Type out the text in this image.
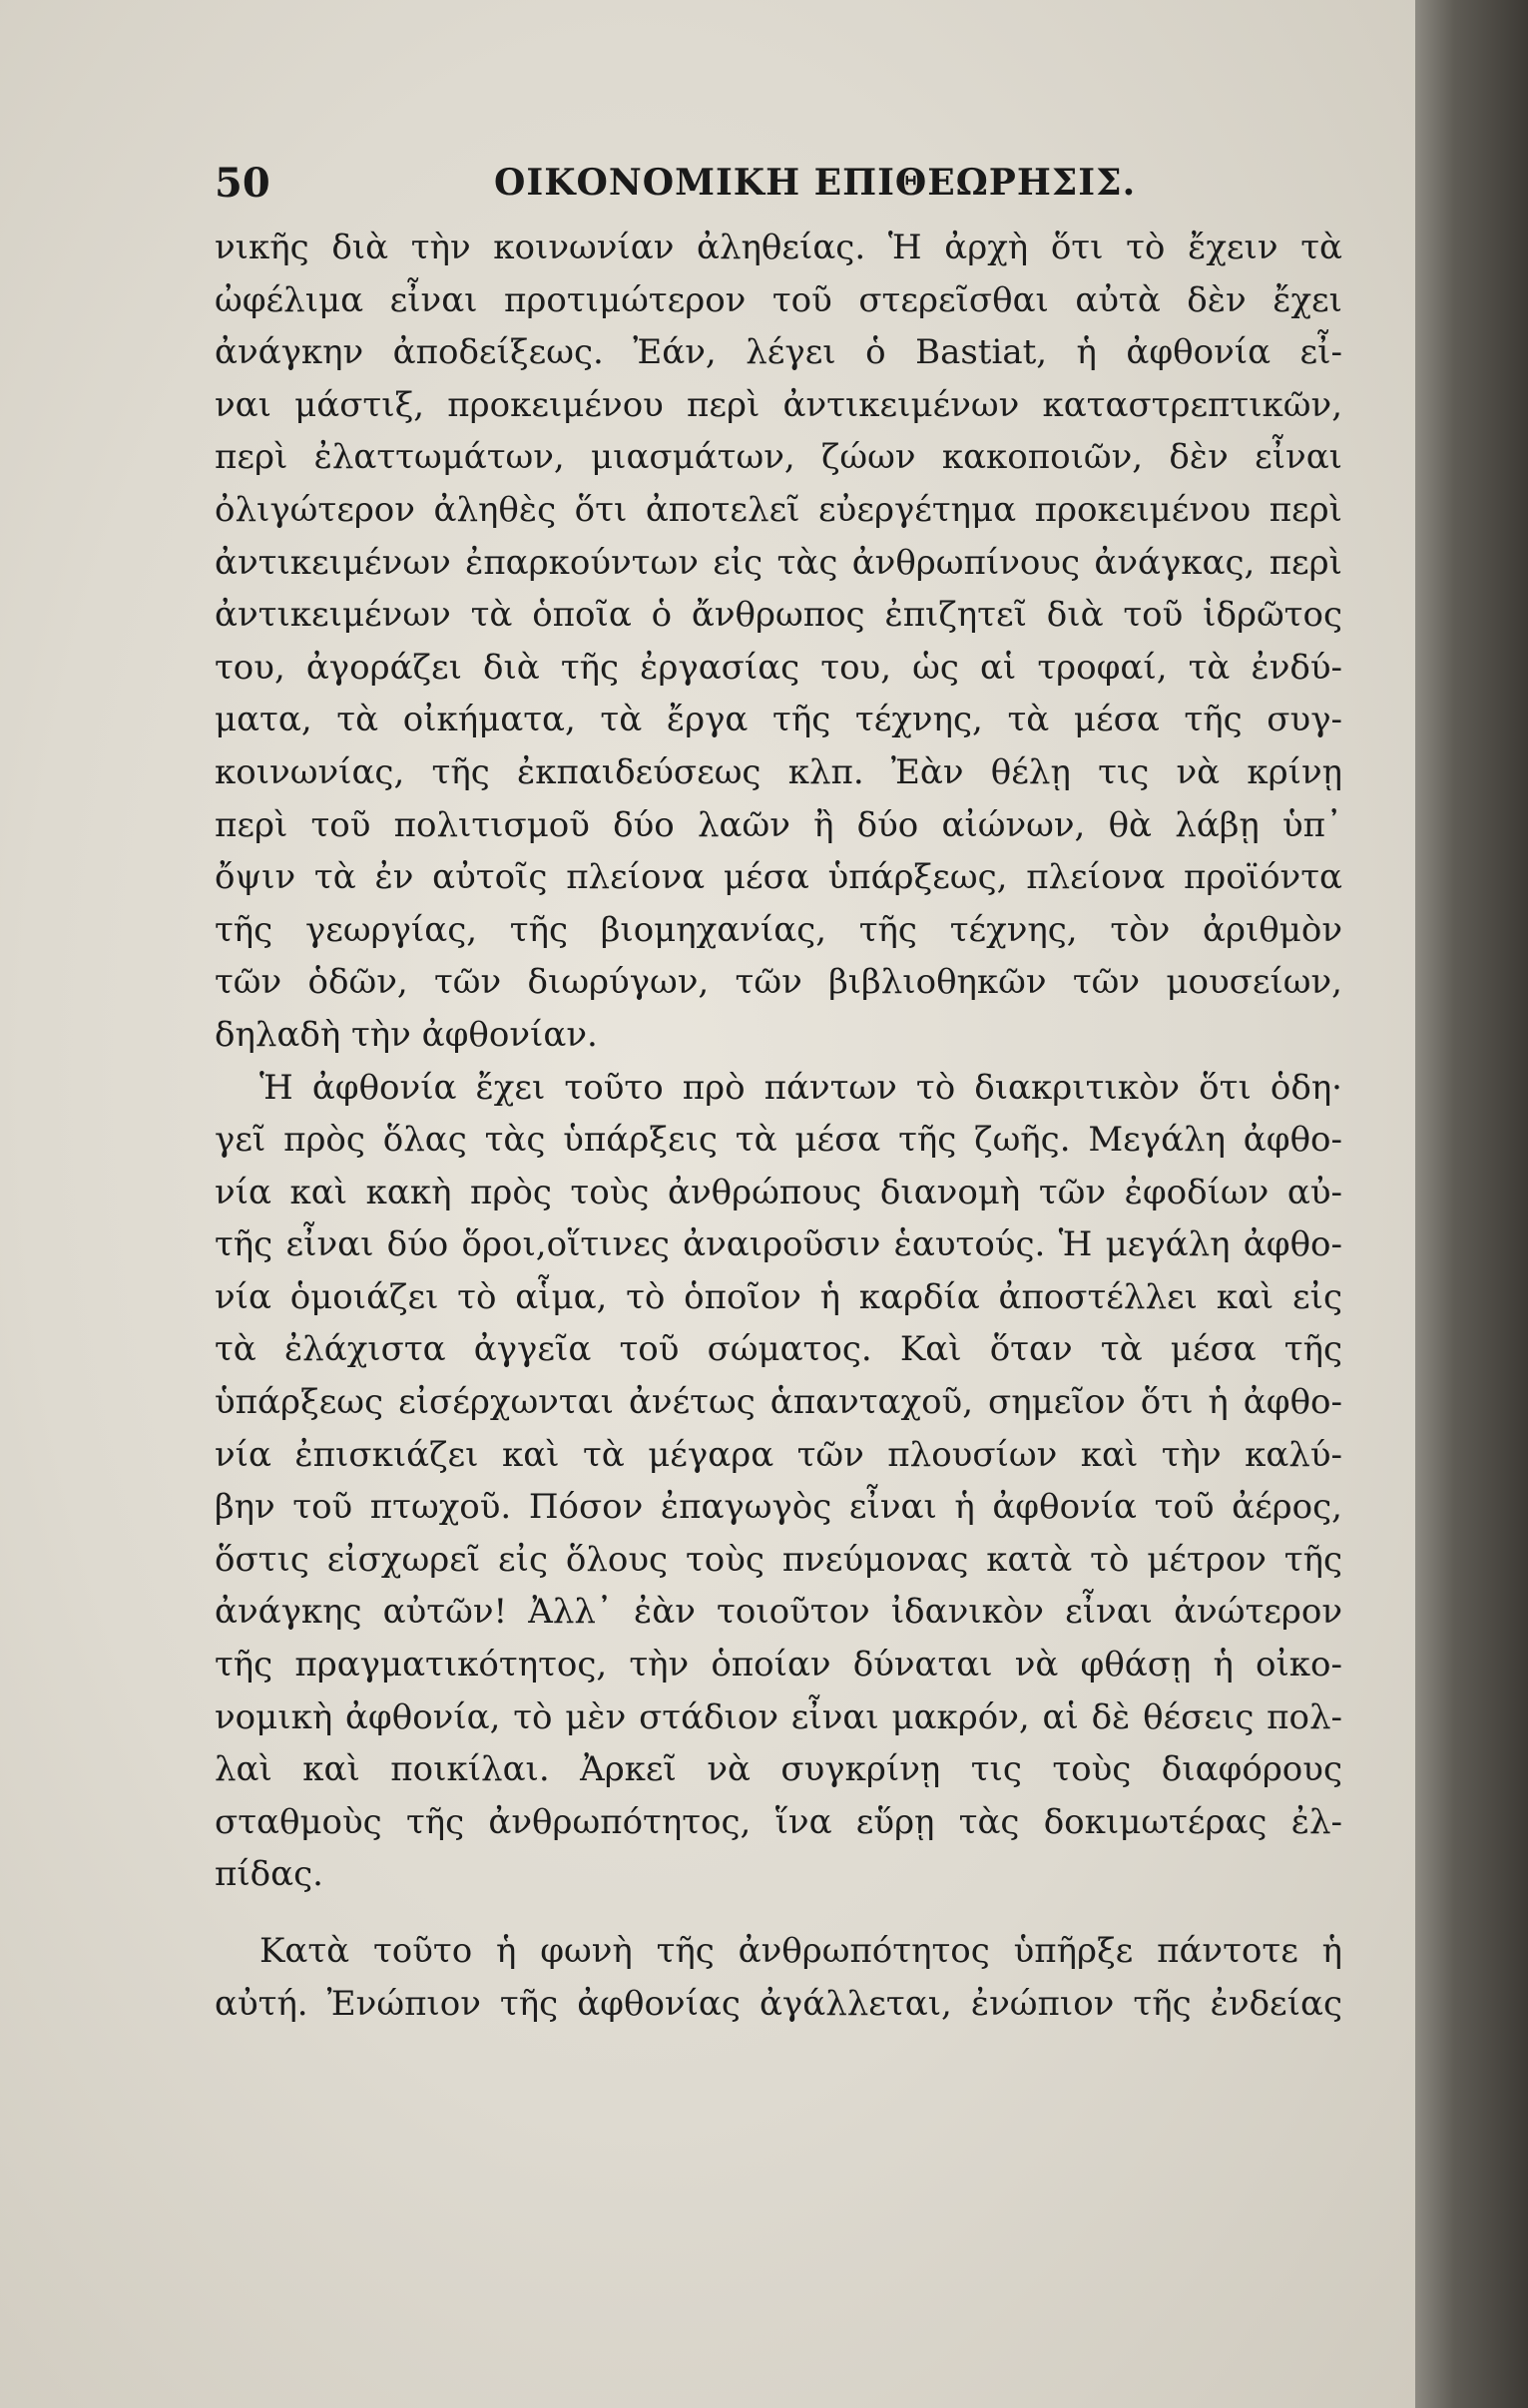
50	ΟΙΚΟΝΟΜΙΚΗ ΕΠΙΘΕΩΡΗΣΙΣ.
νικῆς διὰ τὴν κοινωνίαν ἀληθείας. Ἡ ἀρχὴ ὅτι τὸ ἔχειν τὰ
ὠφέλιμα εἶναι προτιμώτερον τοῦ στερεῖσθαι αὐτὰ δὲν ἔχει
ἀνάγκην ἀποδείξεως. Ἐάν, λέγει ὁ Bastiat, ἡ ἀφθονία εἶ-
ναι μάστιξ, προκειμένου περὶ ἀντικειμένων καταστρεπτικῶν,
περὶ ἐλαττωμάτων, μιασμάτων, ζώων κακοποιῶν, δὲν εἶναι
ὀλιγώτερον ἀληθὲς ὅτι ἀποτελεῖ εὐεργέτημα προκειμένου περὶ
ἀντικειμένων ἐπαρκούντων εἰς τὰς ἀνθρωπίνους ἀνάγκας, περὶ
ἀντικειμένων τὰ ὁποῖα ὁ ἄνθρωπος ἐπιζητεῖ διὰ τοῦ ἱδρῶτος
του, ἀγοράζει διὰ τῆς ἐργασίας του, ὡς αἱ τροφαί, τὰ ἐνδύ-
ματα, τὰ οἰκήματα, τὰ ἔργα τῆς τέχνης, τὰ μέσα τῆς συγ-
κοινωνίας, τῆς ἐκπαιδεύσεως κλπ. Ἐὰν θέλῃ τις νὰ κρίνῃ
περὶ τοῦ πολιτισμοῦ δύο λαῶν ἢ δύο αἰώνων, θὰ λάβῃ ὑπ᾿
ὄψιν τὰ ἐν αὐτοῖς πλείονα μέσα ὑπάρξεως, πλείονα προϊόντα
τῆς γεωργίας, τῆς βιομηχανίας, τῆς τέχνης, τὸν ἀριθμὸν
τῶν ὁδῶν, τῶν διωρύγων, τῶν βιβλιοθηκῶν τῶν μουσείων,
δηλαδὴ τὴν ἀφθονίαν.
Ἡ ἀφθονία ἔχει τοῦτο πρὸ πάντων τὸ διακριτικὸν ὅτι ὁδη·
γεῖ πρὸς ὅλας τὰς ὑπάρξεις τὰ μέσα τῆς ζωῆς. Μεγάλη ἀφθο-
νία καὶ κακὴ πρὸς τοὺς ἀνθρώπους διανομὴ τῶν ἐφοδίων αὐ-
τῆς εἶναι δύο ὅροι,οἵτινες ἀναιροῦσιν ἑαυτούς. Ἡ μεγάλη ἀφθο-
νία ὁμοιάζει τὸ αἷμα, τὸ ὁποῖον ἡ καρδία ἀποστέλλει καὶ εἰς
τὰ ἐλάχιστα ἀγγεῖα τοῦ σώματος. Καὶ ὅταν τὰ μέσα τῆς
ὑπάρξεως εἰσέρχωνται ἀνέτως ἁπανταχοῦ, σημεῖον ὅτι ἡ ἀφθο-
νία ἐπισκιάζει καὶ τὰ μέγαρα τῶν πλουσίων καὶ τὴν καλύ-
βην τοῦ πτωχοῦ. Πόσον ἐπαγωγὸς εἶναι ἡ ἀφθονία τοῦ ἀέρος,
ὅστις εἰσχωρεῖ εἰς ὅλους τοὺς πνεύμονας κατὰ τὸ μέτρον τῆς
ἀνάγκης αὐτῶν! Ἀλλ᾿ ἐὰν τοιοῦτον ἰδανικὸν εἶναι ἀνώτερον
τῆς πραγματικότητος, τὴν ὁποίαν δύναται νὰ φθάσῃ ἡ οἰκο-
νομικὴ ἀφθονία, τὸ μὲν στάδιον εἶναι μακρόν, αἱ δὲ θέσεις πολ-
λαὶ καὶ ποικίλαι. Ἀρκεῖ νὰ συγκρίνῃ τις τοὺς διαφόρους
σταθμοὺς τῆς ἀνθρωπότητος, ἵνα εὕρῃ τὰς δοκιμωτέρας ἐλ-
πίδας.
Κατὰ τοῦτο ἡ φωνὴ τῆς ἀνθρωπότητος ὑπῆρξε πάντοτε ἡ
αὐτή. Ἐνώπιον τῆς ἀφθονίας ἀγάλλεται, ἐνώπιον τῆς ἐνδείας
